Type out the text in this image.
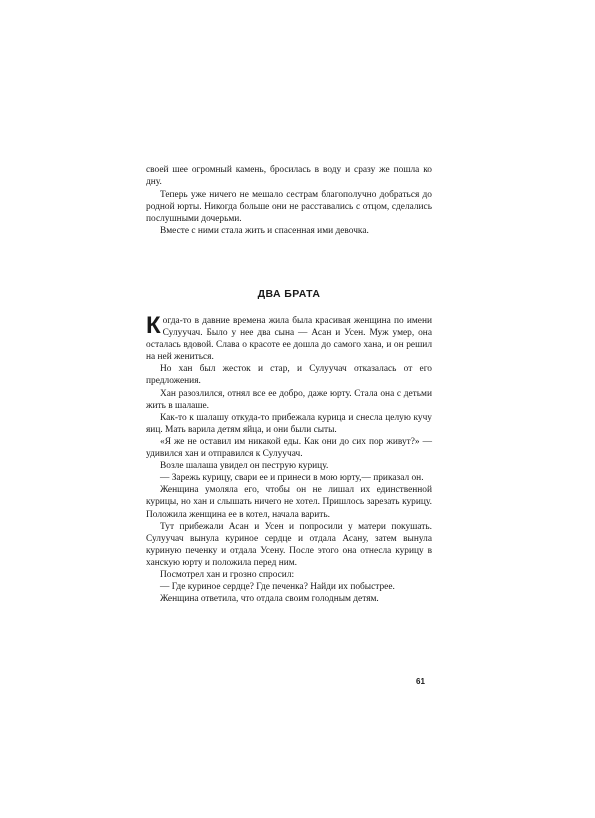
своей шее огромный камень, бросилась в воду и сразу же пошла ко дну.

Теперь уже ничего не мешало сестрам благополучно добраться до родной юрты. Никогда больше они не расставались с отцом, сделались послушными дочерьми.

Вместе с ними стала жить и спасенная ими девочка.

ДВА БРАТА

Когда-то в давние времена жила была красивая женщина по имени Сулуучач. Было у нее два сына — Асан и Усен. Муж умер, она осталась вдовой. Слава о красоте ее дошла до самого хана, и он решил на ней жениться.

Но хан был жесток и стар, и Сулуучач отказалась от его предложения.

Хан разозлился, отнял все ее добро, даже юрту. Стала она с детьми жить в шалаше.

Как-то к шалашу откуда-то прибежала курица и снесла целую кучу яиц. Мать варила детям яйца, и они были сыты.

«Я же не оставил им никакой еды. Как они до сих пор живут?» — удивился хан и отправился к Сулуучач.

Возле шалаша увидел он пеструю курицу.

— Зарежь курицу, свари ее и принеси в мою юрту,— приказал он.

Женщина умоляла его, чтобы он не лишал их единственной курицы, но хан и слышать ничего не хотел. Пришлось зарезать курицу. Положила женщина ее в котел, начала варить.

Тут прибежали Асан и Усен и попросили у матери покушать. Сулуучач вынула куриное сердце и отдала Асану, затем вынула куриную печенку и отдала Усену. После этого она отнесла курицу в ханскую юрту и положила перед ним.

Посмотрел хан и грозно спросил:

— Где куриное сердце? Где печенка? Найди их побыстрее.

Женщина ответила, что отдала своим голодным детям.

61
